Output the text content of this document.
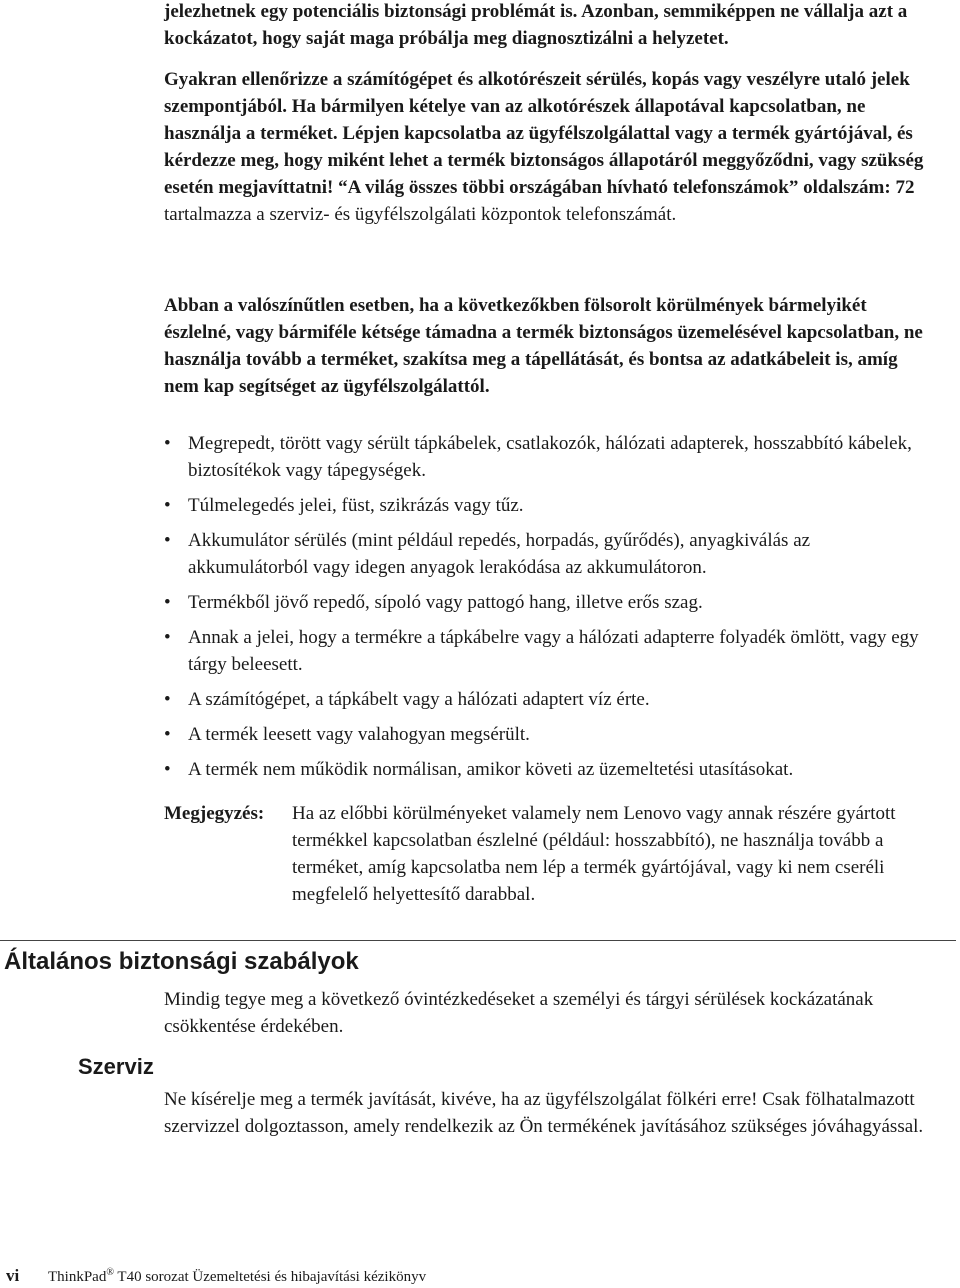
jelezhetnek egy potenciális biztonsági problémát is. Azonban, semmiképpen ne vállalja azt a kockázatot, hogy saját maga próbálja meg diagnosztizálni a helyzetet.

Gyakran ellenőrizze a számítógépet és alkotórészeit sérülés, kopás vagy veszélyre utaló jelek szempontjából. Ha bármilyen kételye van az alkotórészek állapotával kapcsolatban, ne használja a terméket. Lépjen kapcsolatba az ügyfélszolgálattal vagy a termék gyártójával, és kérdezze meg, hogy miként lehet a termék biztonságos állapotáról meggyőződni, vagy szükség esetén megjavíttatni! “A világ összes többi országában hívható telefonszámok” oldalszám: 72 tartalmazza a szerviz- és ügyfélszolgálati központok telefonszámát.

Abban a valószínűtlen esetben, ha a következőkben fölsorolt körülmények bármelyikét észlelné, vagy bármiféle kétsége támadna a termék biztonságos üzemelésével kapcsolatban, ne használja tovább a terméket, szakítsa meg a tápellátását, és bontsa az adatkábeleit is, amíg nem kap segítséget az ügyfélszolgálattól.

• Megrepedt, törött vagy sérült tápkábelek, csatlakozók, hálózati adapterek, hosszabbító kábelek, biztosítékok vagy tápegységek.
• Túlmelegedés jelei, füst, szikrázás vagy tűz.
• Akkumulátor sérülés (mint például repedés, horpadás, gyűrődés), anyagkiválás az akkumulátorból vagy idegen anyagok lerakódása az akkumulátoron.
• Termékből jövő repedő, sípoló vagy pattogó hang, illetve erős szag.
• Annak a jelei, hogy a termékre a tápkábelre vagy a hálózati adapterre folyadék ömlött, vagy egy tárgy beleesett.
• A számítógépet, a tápkábelt vagy a hálózati adaptert víz érte.
• A termék leesett vagy valahogyan megsérült.
• A termék nem működik normálisan, amikor követi az üzemeltetési utasításokat.
Megjegyzés:	Ha az előbbi körülményeket valamely nem Lenovo vagy annak részére gyártott termékkel kapcsolatban észlelné (például: hosszabbító), ne használja tovább a terméket, amíg kapcsolatba nem lép a termék gyártójával, vagy ki nem cseréli megfelelő helyettesítő darabbal.
Általános biztonsági szabályok

Mindig tegye meg a következő óvintézkedéseket a személyi és tárgyi sérülések kockázatának csökkentése érdekében.

Szerviz

Ne kísérelje meg a termék javítását, kivéve, ha az ügyfélszolgálat fölkéri erre! Csak fölhatalmazott szervizzel dolgoztasson, amely rendelkezik az Ön termékének javításához szükséges jóváhagyással.

vi ThinkPad® T40 sorozat Üzemeltetési és hibajavítási kézikönyv
